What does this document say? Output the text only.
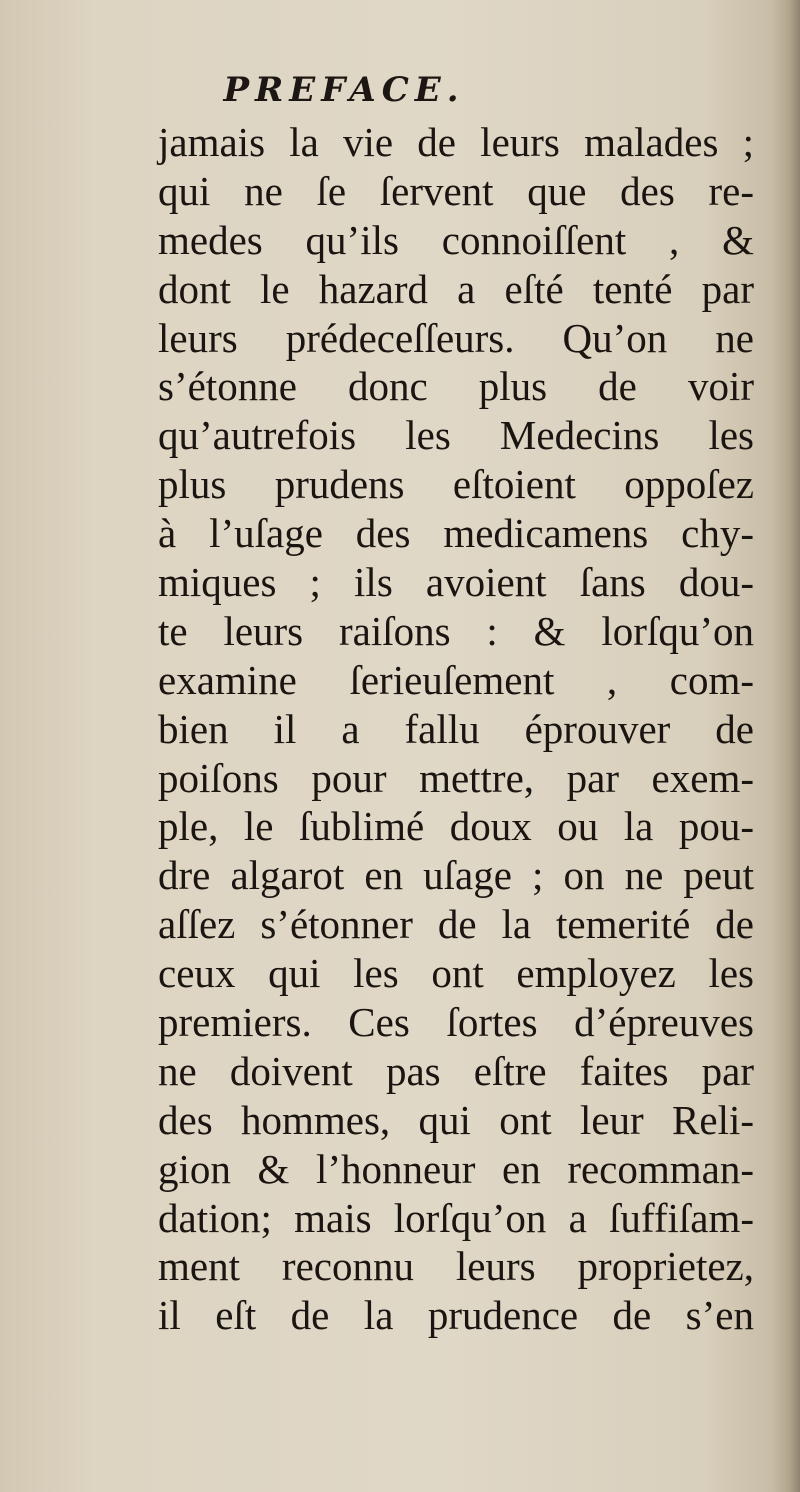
PREFACE.
jamais la vie de leurs malades ;
qui ne ſe ſervent que des re-
medes qu’ils connoiſſent , &
dont le hazard a eſté tenté par
leurs prédeceſſeurs. Qu’on ne
s’étonne donc plus de voir
qu’autrefois les Medecins les
plus prudens eſtoient oppoſez
à l’uſage des medicamens chy-
miques ; ils avoient ſans dou-
te leurs raiſons : & lorſqu’on
examine ſerieuſement , com-
bien il a fallu éprouver de
poiſons pour mettre, par exem-
ple, le ſublimé doux ou la pou-
dre algarot en uſage ; on ne peut
aſſez s’étonner de la temerité de
ceux qui les ont employez les
premiers. Ces ſortes d’épreuves
ne doivent pas eſtre faites par
des hommes, qui ont leur Reli-
gion & l’honneur en recomman-
dation; mais lorſqu’on a ſuffiſam-
ment reconnu leurs proprietez,
il eſt de la prudence de s’en
